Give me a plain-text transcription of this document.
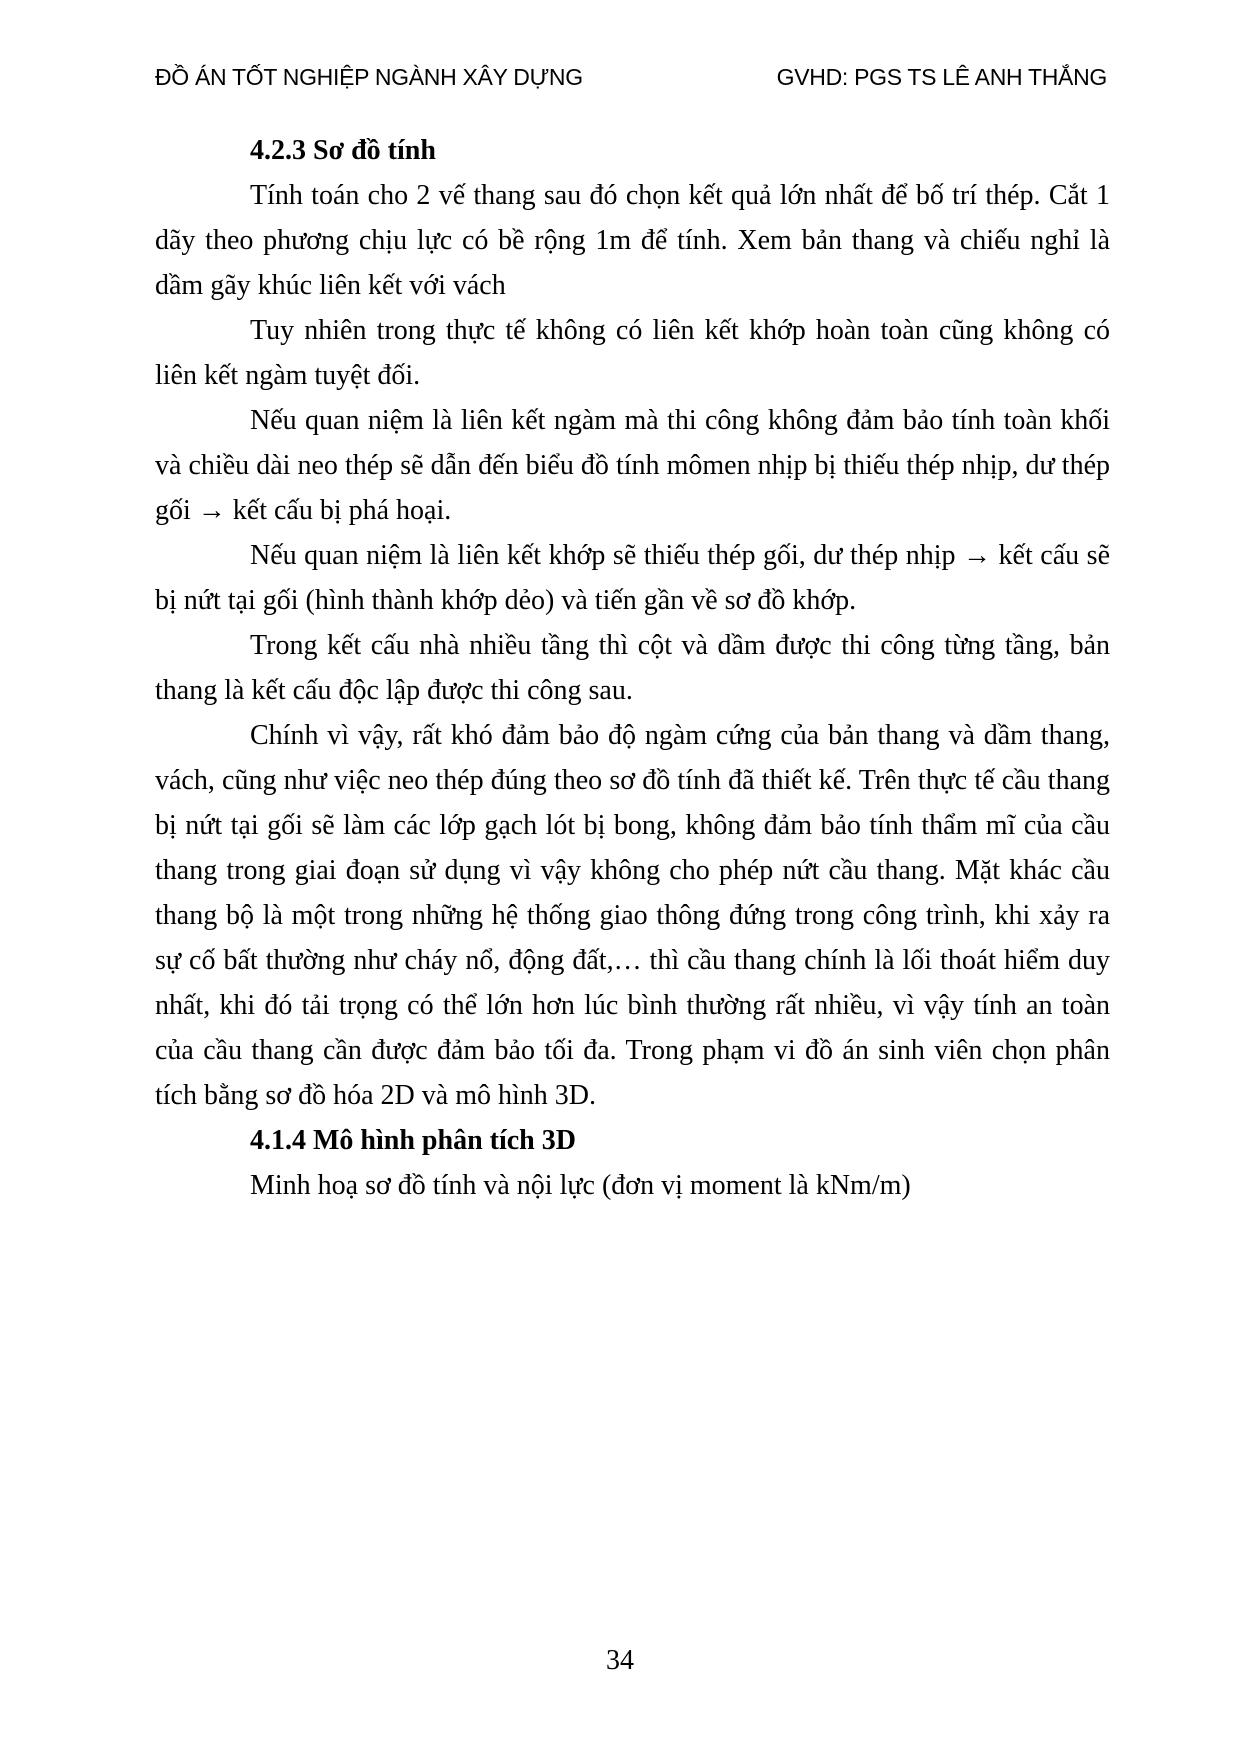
ĐỒ ÁN TỐT NGHIỆP NGÀNH XÂY DỰNG	GVHD: PGS TS LÊ ANH THẮNG
4.2.3 Sơ đồ tính

Tính toán cho 2 vế thang sau đó chọn kết quả lớn nhất để bố trí thép. Cắt 1 dãy theo phương chịu lực có bề rộng 1m để tính. Xem bản thang và chiếu nghỉ là dầm gãy khúc liên kết với vách

Tuy nhiên trong thực tế không có liên kết khớp hoàn toàn cũng không có liên kết ngàm tuyệt đối.

Nếu quan niệm là liên kết ngàm mà thi công không đảm bảo tính toàn khối và chiều dài neo thép sẽ dẫn đến biểu đồ tính mômen nhịp bị thiếu thép nhịp, dư thép gối → kết cấu bị phá hoại.

Nếu quan niệm là liên kết khớp sẽ thiếu thép gối, dư thép nhịp → kết cấu sẽ bị nứt tại gối (hình thành khớp dẻo) và tiến gần về sơ đồ khớp.

Trong kết cấu nhà nhiều tầng thì cột và dầm được thi công từng tầng, bản thang là kết cấu độc lập được thi công sau.

Chính vì vậy, rất khó đảm bảo độ ngàm cứng của bản thang và dầm thang, vách, cũng như việc neo thép đúng theo sơ đồ tính đã thiết kế. Trên thực tế cầu thang bị nứt tại gối sẽ làm các lớp gạch lót bị bong, không đảm bảo tính thẩm mĩ của cầu thang trong giai đoạn sử dụng vì vậy không cho phép nứt cầu thang. Mặt khác cầu thang bộ là một trong những hệ thống giao thông đứng trong công trình, khi xảy ra sự cố bất thường như cháy nổ, động đất,… thì cầu thang chính là lối thoát hiểm duy nhất, khi đó tải trọng có thể lớn hơn lúc bình thường rất nhiều, vì vậy tính an toàn của cầu thang cần được đảm bảo tối đa. Trong phạm vi đồ án sinh viên chọn phân tích bằng sơ đồ hóa 2D và mô hình 3D.

4.1.4 Mô hình phân tích 3D

Minh hoạ sơ đồ tính và nội lực (đơn vị moment là kNm/m)

34
